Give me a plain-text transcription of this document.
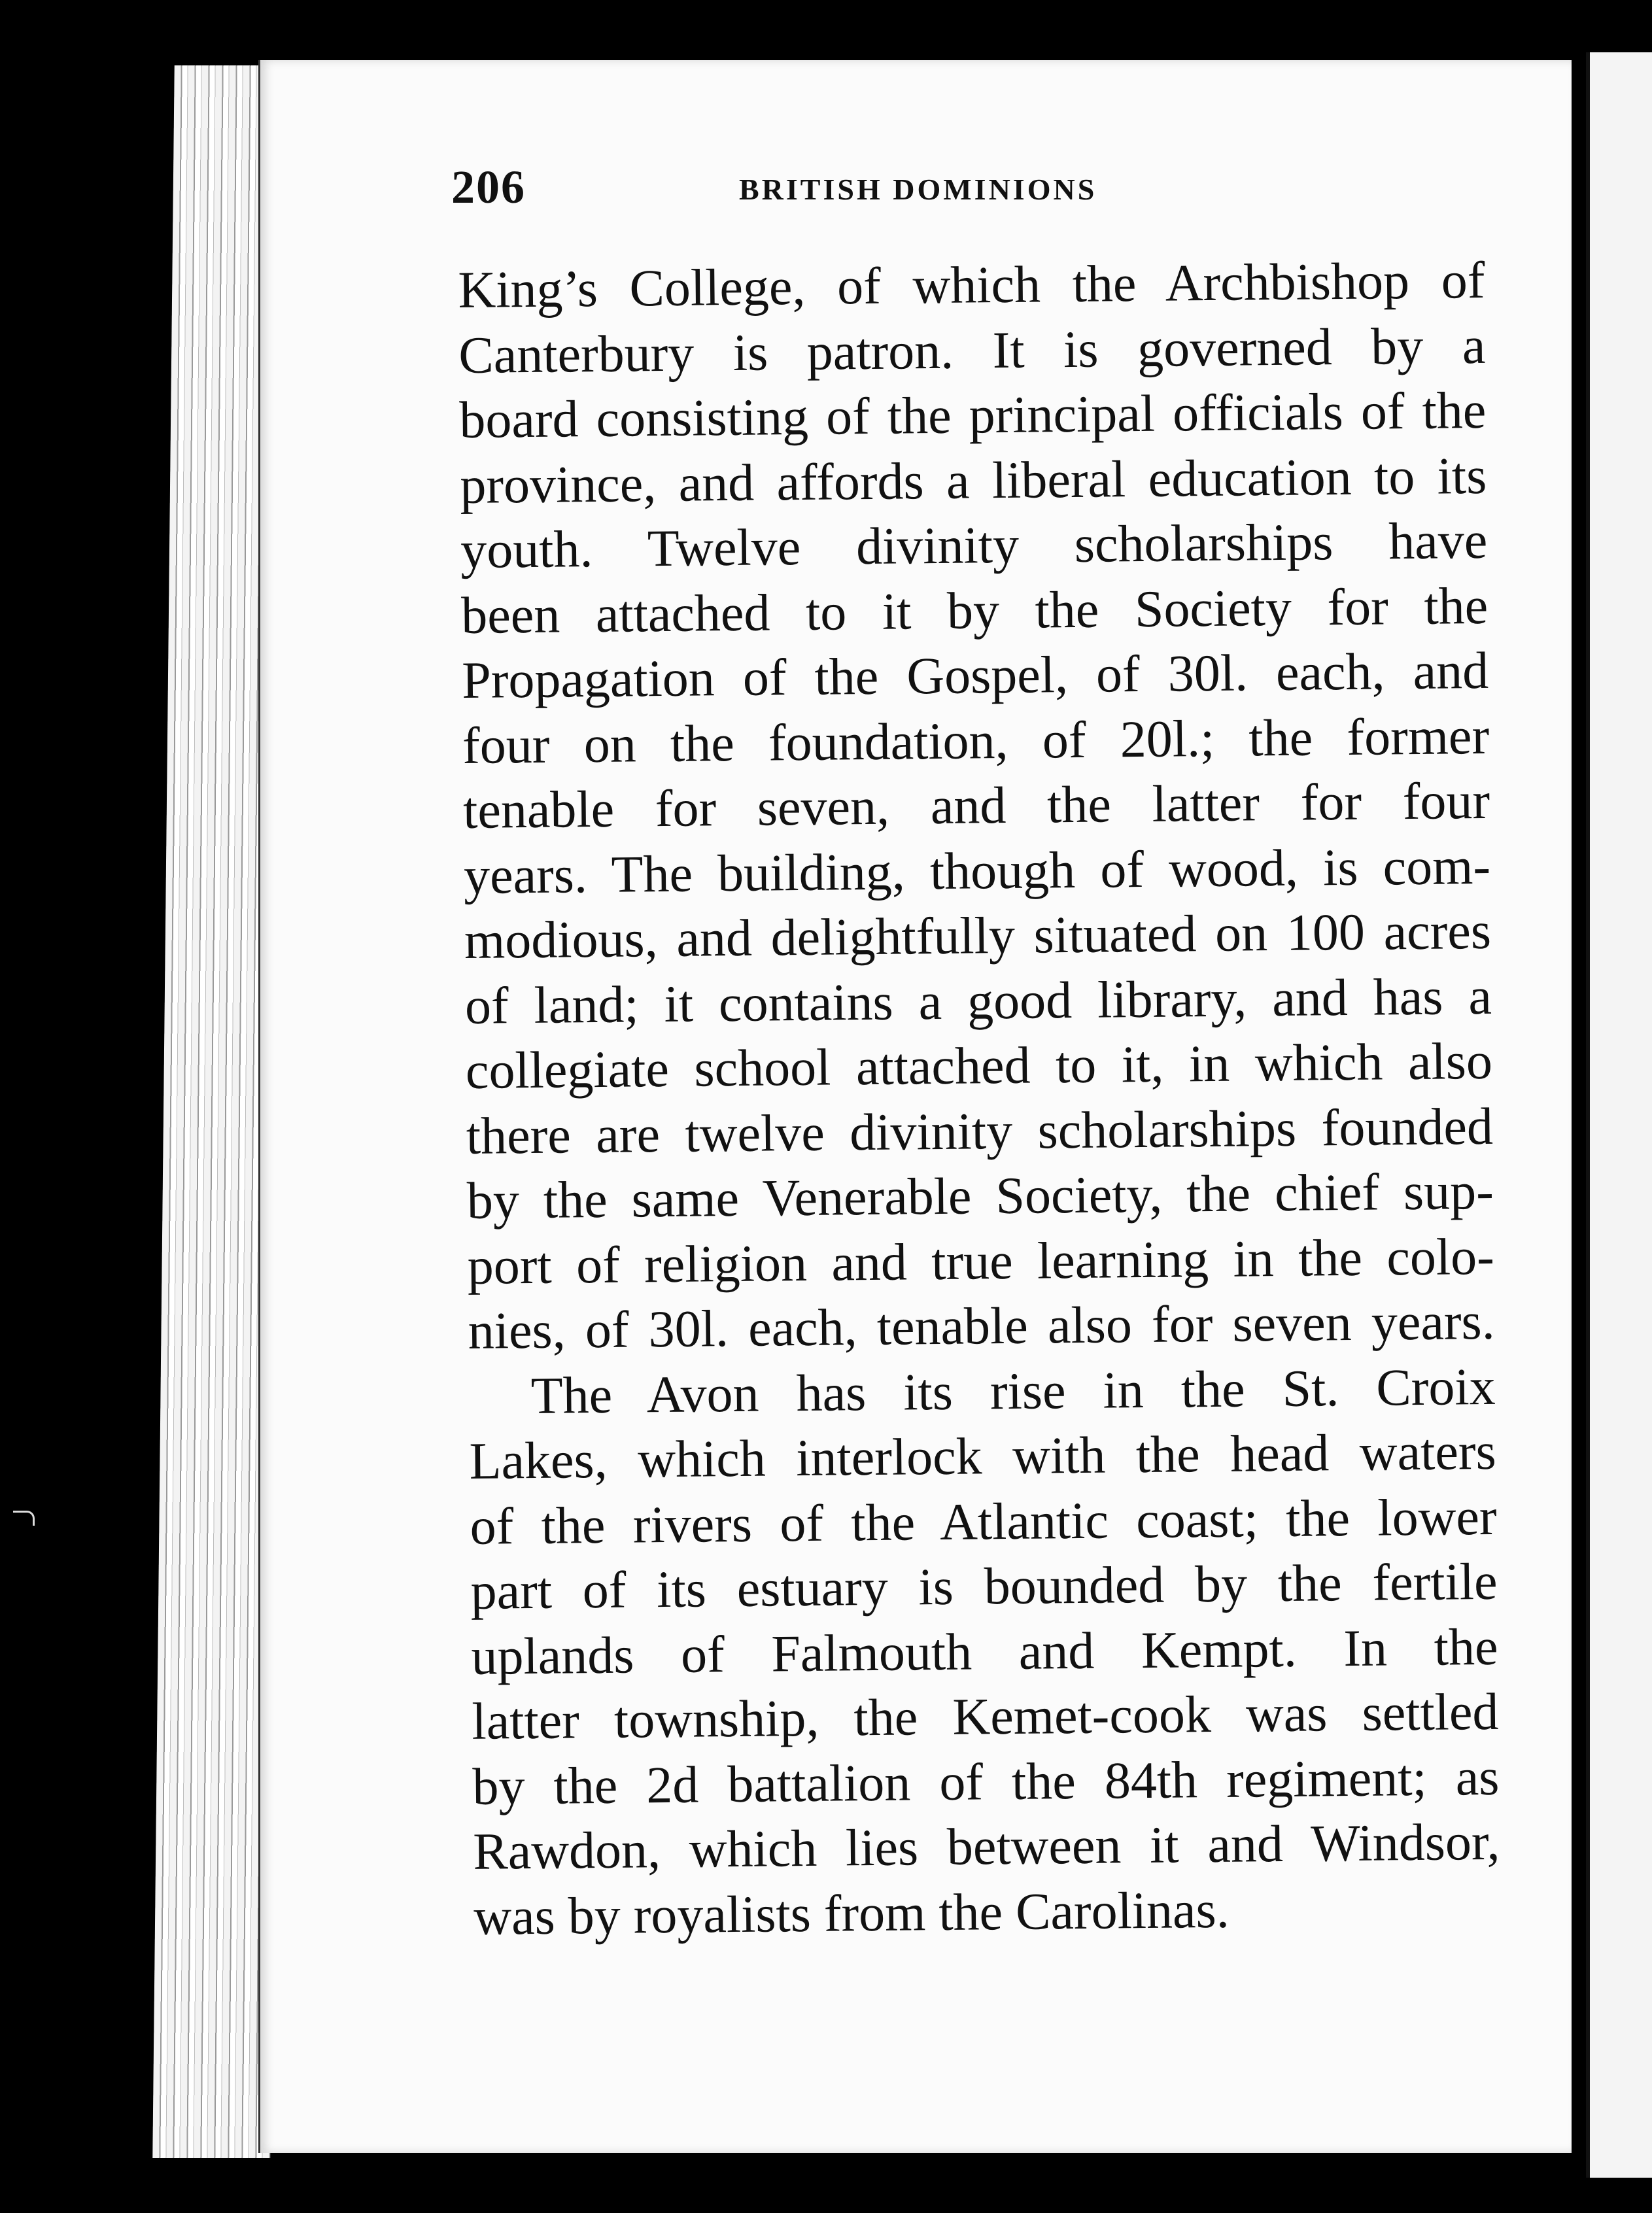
206	BRITISH DOMINIONS
King’s College, of which the Archbishop of
Canterbury is patron. It is governed by a
board consisting of the principal officials of the
province, and affords a liberal education to its
youth. Twelve divinity scholarships have
been attached to it by the Society for the
Propagation of the Gospel, of 30l. each, and
four on the foundation, of 20l.; the former
tenable for seven, and the latter for four
years. The building, though of wood, is com-
modious, and delightfully situated on 100 acres
of land; it contains a good library, and has a
collegiate school attached to it, in which also
there are twelve divinity scholarships founded
by the same Venerable Society, the chief sup-
port of religion and true learning in the colo-
nies, of 30l. each, tenable also for seven years.
The Avon has its rise in the St. Croix
Lakes, which interlock with the head waters
of the rivers of the Atlantic coast; the lower
part of its estuary is bounded by the fertile
uplands of Falmouth and Kempt. In the
latter township, the Kemet-cook was settled
by the 2d battalion of the 84th regiment; as
Rawdon, which lies between it and Windsor,
was by royalists from the Carolinas.
